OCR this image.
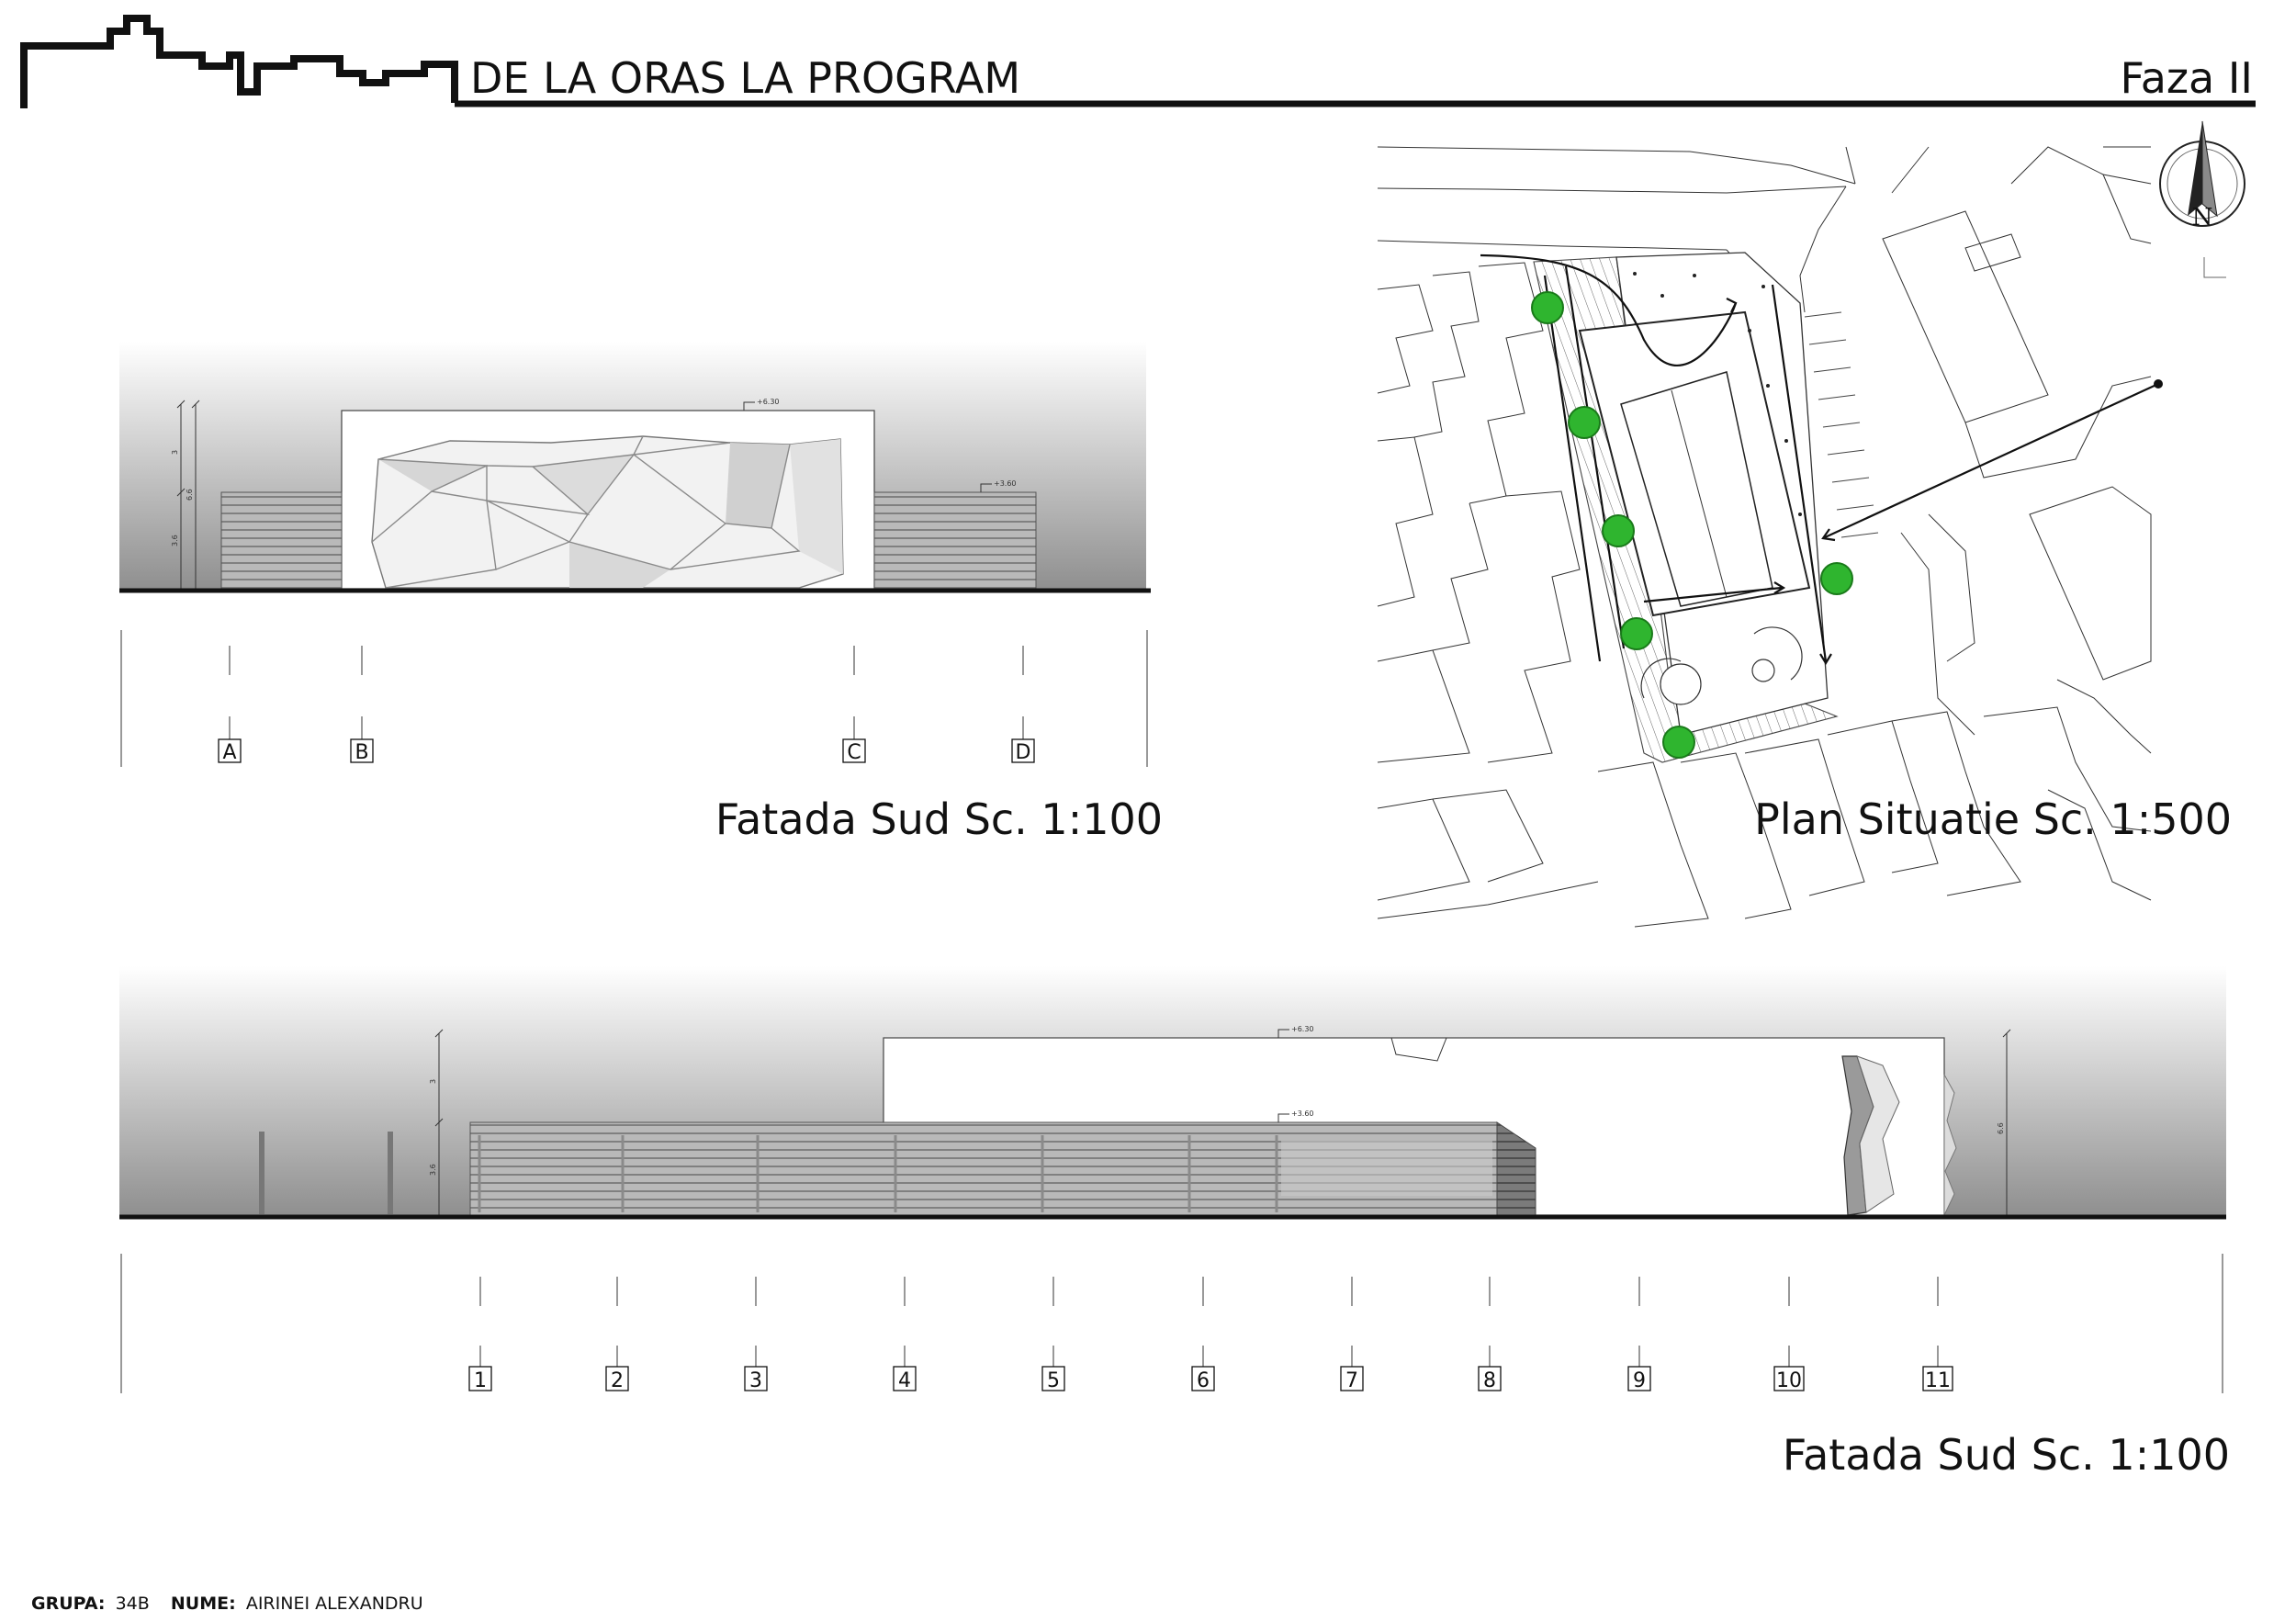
DE LA ORAS LA PROGRAM	Faza II
+6.30
+3.60
3
6.6
3.6
A	B	C	D
Fatada Sud Sc. 1:100
N
Plan Situatie Sc. 1:500
+6.30
+3.60
3
3.6
6.6
1	2	3	4	5	6	7	8	9	10	11
Fatada Sud Sc. 1:100
GRUPA: 34B NUME: AIRINEI ALEXANDRU
